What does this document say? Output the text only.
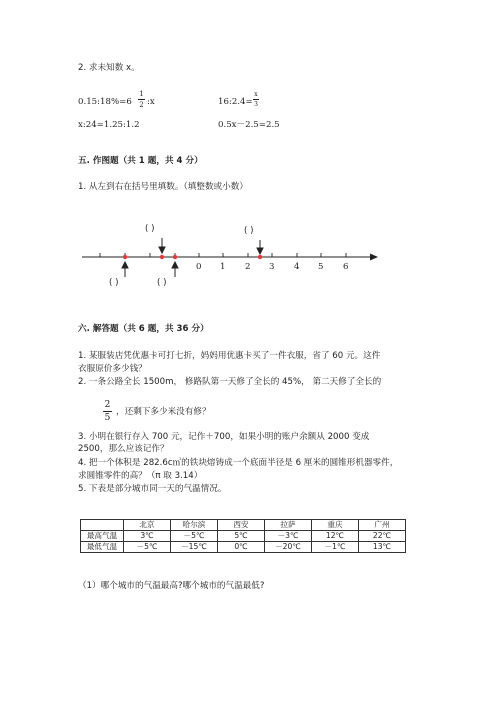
2. 求未知数 x。
0.15:18%=6
1
2 :x	16:2.4=
x
3
x:24=1.25:1.2	0.5x－2.5=2.5
五. 作图题（共 1 题，共 4 分）
1. 从左到右在括号里填数。（填整数或小数）
( )	( )
( )	( )
0 1 2 3 4 5 6
六. 解答题（共 6 题，共 36 分）
1. 某服装店凭优惠卡可打七折，妈妈用优惠卡买了一件衣服，省了 60 元。这件
衣服原价多少钱？
2. 一条公路全长 1500m， 修路队第一天修了全长的 45%， 第二天修了全长的
2
5
，还剩下多少米没有修？
3. 小明在银行存入 700 元，记作＋700，如果小明的账户余额从 2000 变成
2500，那么应该记作？
4. 把一个体积是 282.6c㎥的铁块熔铸成一个底面半径是 6 厘米的圆锥形机器零件，
求圆锥零件的高？（π 取 3.14）
5. 下表是部分城市同一天的气温情况。
	北京	哈尔滨	西安	拉萨	重庆	广州
最高气温	3℃	－5℃	5℃	－3℃	12℃	22℃
最低气温	－5℃	－15℃	0℃	－20℃	－1℃	13℃
（1）哪个城市的气温最高?哪个城市的气温最低?
